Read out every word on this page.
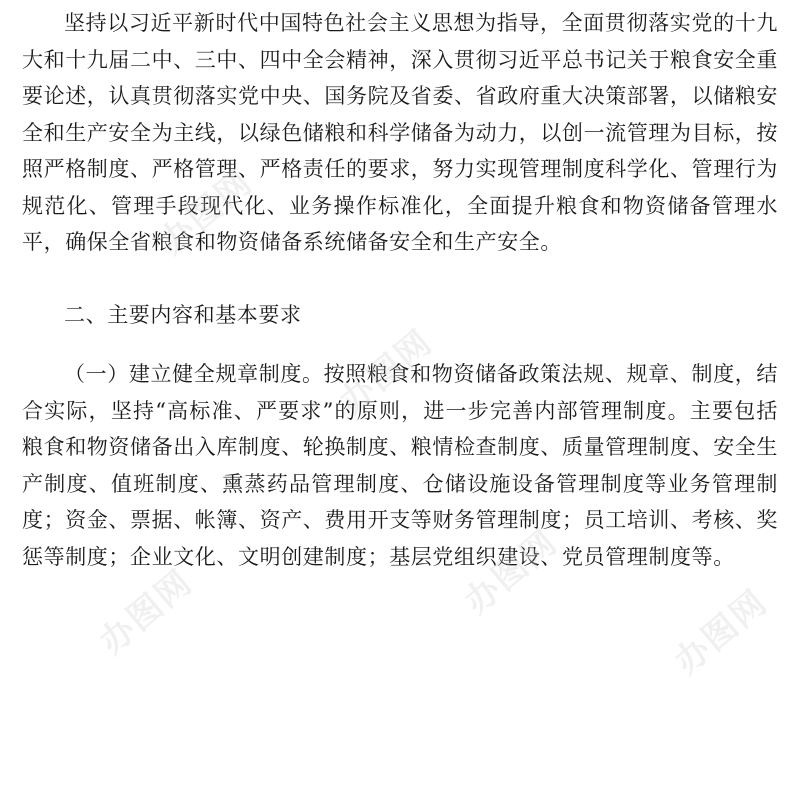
坚持以习近平新时代中国特色社会主义思想为指导，全面贯彻落实党的十九大和十九届二中、三中、四中全会精神，深入贯彻习近平总书记关于粮食安全重要论述，认真贯彻落实党中央、国务院及省委、省政府重大决策部署，以储粮安全和生产安全为主线，以绿色储粮和科学储备为动力，以创一流管理为目标，按照严格制度、严格管理、严格责任的要求，努力实现管理制度科学化、管理行为规范化、管理手段现代化、业务操作标准化，全面提升粮食和物资储备管理水平，确保全省粮食和物资储备系统储备安全和生产安全。

二、主要内容和基本要求

（一）建立健全规章制度。按照粮食和物资储备政策法规、规章、制度，结合实际，坚持“高标准、严要求”的原则，进一步完善内部管理制度。主要包括粮食和物资储备出入库制度、轮换制度、粮情检查制度、质量管理制度、安全生产制度、值班制度、熏蒸药品管理制度、仓储设施设备管理制度等业务管理制度；资金、票据、帐簿、资产、费用开支等财务管理制度；员工培训、考核、奖惩等制度；企业文化、文明创建制度；基层党组织建设、党员管理制度等。

办图网
办图网
办图网	办图网
办图网
